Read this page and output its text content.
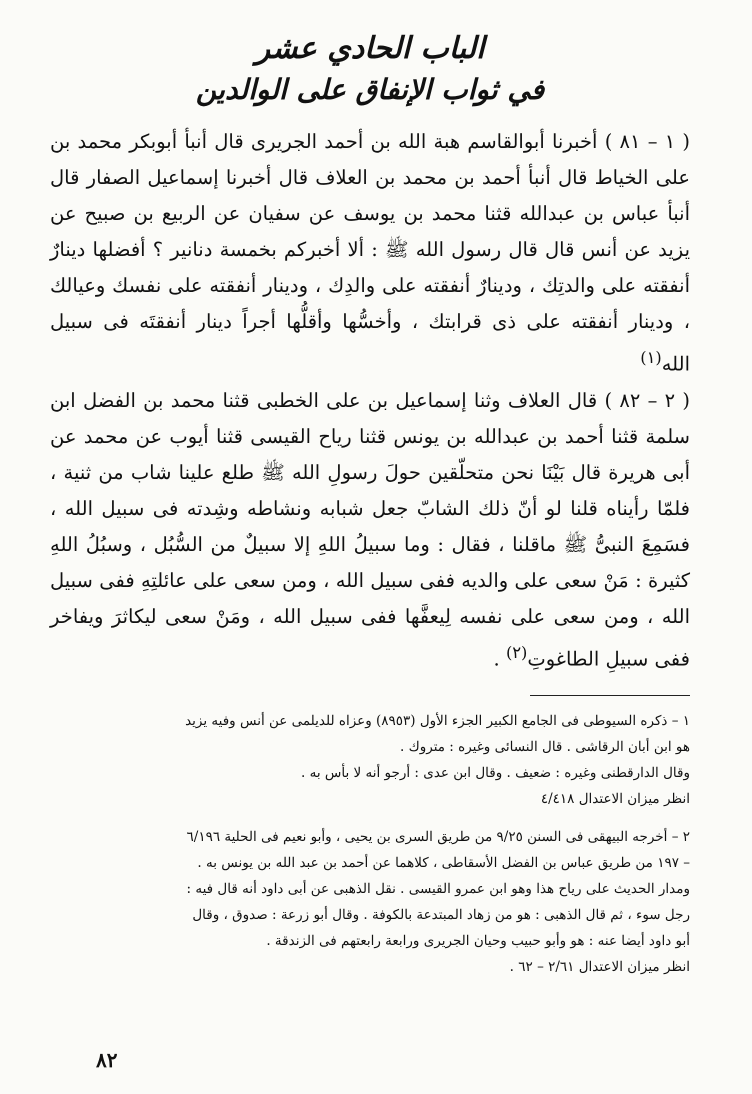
الباب الحادي عشر
في ثواب الإنفاق على الوالدين

( ١ – ٨١ ) أخبرنا أبوالقاسم هبة الله بن أحمد الجريرى قال أنبأ أبوبكر محمد بن على الخياط قال أنبأ أحمد بن محمد بن العلاف قال أخبرنا إسماعيل الصفار قال أنبأ عباس بن عبدالله قثنا محمد بن يوسف عن سفيان عن الربيع بن صبيح عن يزيد عن أنس قال قال رسول الله ﷺ : ألا أخبركم بخمسة دنانير ؟ أفضلها دينارٌ أنفقته على والدتِك ، ودينارٌ أنفقته على والدِك ، ودينار أنفقته على نفسك وعيالك ، ودينار أنفقته على ذى قرابتك ، وأخسُّها وأقلُّها أجراً دينار أنفقتَه فى سبيل الله$^{(١)}$

( ٢ – ٨٢ ) قال العلاف وثنا إسماعيل بن على الخطبى قثنا محمد بن الفضل ابن سلمة قثنا أحمد بن عبدالله بن يونس قثنا رياح القيسى قثنا أيوب عن محمد عن أبى هريرة قال بَيْنَا نحن متحلّقين حولَ رسولِ الله ﷺ طلع علينا شاب من ثنية ، فلمّا رأيناه قلنا لو أنّ ذلك الشابّ جعل شبابه ونشاطه وشِدته فى سبيل الله ، فسَمِعَ النبىُّ ﷺ ماقلنا ، فقال : وما سبيلُ اللهِ إلا سبيلٌ من السُّبُل ، وسبُلُ اللهِ كثيرة : مَنْ سعى على والديه ففى سبيل الله ، ومن سعى على عائلتِهِ ففى سبيل الله ، ومن سعى على نفسه لِيعفَّها ففى سبيل الله ، ومَنْ سعى ليكاثرَ ويفاخر ففى سبيلِ الطاغوتِ$^{(٢)}$ .

١ – ذكره السيوطى فى الجامع الكبير الجزء الأول (٨٩٥٣) وعزاه للديلمى عن أنس وفيه يزيد
هو ابن أبان الرقاشى . قال النسائى وغيره : متروك .
وقال الدارقطنى وغيره : ضعيف . وقال ابن عدى : أرجو أنه لا بأس به .
انظر ميزان الاعتدال ٤/٤١٨

٢ – أخرجه البيهقى فى السنن ٩/٢٥ من طريق السرى بن يحيى ، وأبو نعيم فى الحلية ٦/١٩٦
– ١٩٧ من طريق عباس بن الفضل الأسقاطى ، كلاهما عن أحمد بن عبد الله بن يونس به .
ومدار الحديث على رياح هذا وهو ابن عمرو القيسى . نقل الذهبى عن أبى داود أنه قال فيه :
رجل سوء ، ثم قال الذهبى : هو من زهاد المبتدعة بالكوفة . وقال أبو زرعة : صدوق ، وقال
أبو داود أيضا عنه : هو وأبو حبيب وحيان الجريرى ورابعة رابعتهم فى الزندقة .
انظر ميزان الاعتدال ٢/٦١ – ٦٢ .

٨٢
